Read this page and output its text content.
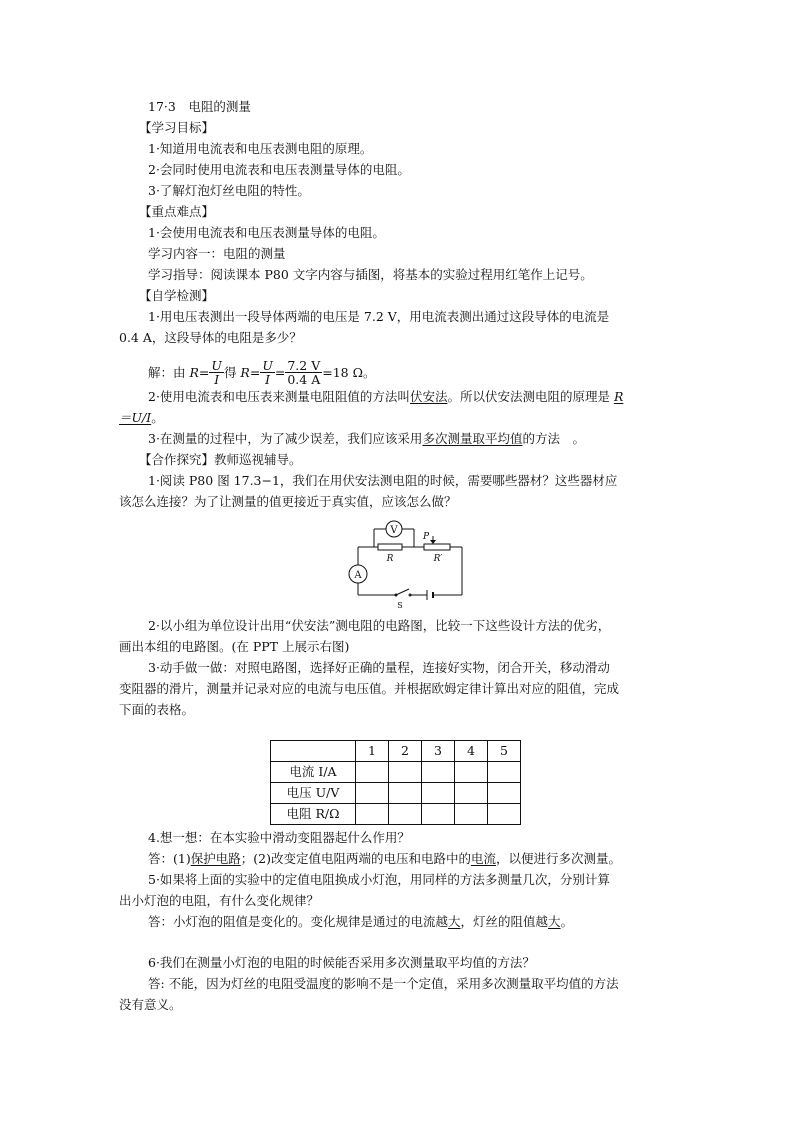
17·3　电阻的测量
【学习目标】
1·知道用电流表和电压表测电阻的原理。
2·会同时使用电流表和电压表测量导体的电阻。
3·了解灯泡灯丝电阻的特性。
【重点难点】
1·会使用电流表和电压表测量导体的电阻。
学习内容一：电阻的测量
学习指导：阅读课本 P80 文字内容与插图，将基本的实验过程用红笔作上记号。
【自学检测】
1·用电压表测出一段导体两端的电压是 7.2 V，用电流表测出通过这段导体的电流是
0.4 A，这段导体的电阻是多少？
解：由 $R= \frac{U}{I}$ 得 $R= \frac{U}{I} = \frac{7.2 V}{0.4 A} =18$ Ω。
2·使用电流表和电压表来测量电阻阻值的方法叫伏安法。所以伏安法测电阻的原理是 R
＝U/I。
3·在测量的过程中，为了减少误差，我们应该采用多次测量取平均值的方法　。
【合作探究】教师巡视辅导。
1·阅读 P80 图 17.3−1，我们在用伏安法测电阻的时候，需要哪些器材？这些器材应
该怎么连接？为了让测量的值更接近于真实值，应该怎么做？
V
A
R
P
R′
S
2·以小组为单位设计出用“伏安法”测电阻的电路图，比较一下这些设计方法的优劣，
画出本组的电路图。(在 PPT 上展示右图)
3·动手做一做：对照电路图，选择好正确的量程，连接好实物，闭合开关，移动滑动
变阻器的滑片，测量并记录对应的电流与电压值。并根据欧姆定律计算出对应的阻值，完成
下面的表格。
	1	2	3	4	5
电流 I/A					
电压 U/V					
电阻 R/Ω					
4.想一想：在本实验中滑动变阻器起什么作用？
答：(1)保护电路；(2)改变定值电阻两端的电压和电路中的电流，以便进行多次测量。
5·如果将上面的实验中的定值电阻换成小灯泡，用同样的方法多测量几次，分别计算
出小灯泡的电阻，有什么变化规律？
答：小灯泡的阻值是变化的。变化规律是通过的电流越大，灯丝的阻值越大。
6·我们在测量小灯泡的电阻的时候能否采用多次测量取平均值的方法？
答: 不能，因为灯丝的电阻受温度的影响不是一个定值，采用多次测量取平均值的方法
没有意义。
